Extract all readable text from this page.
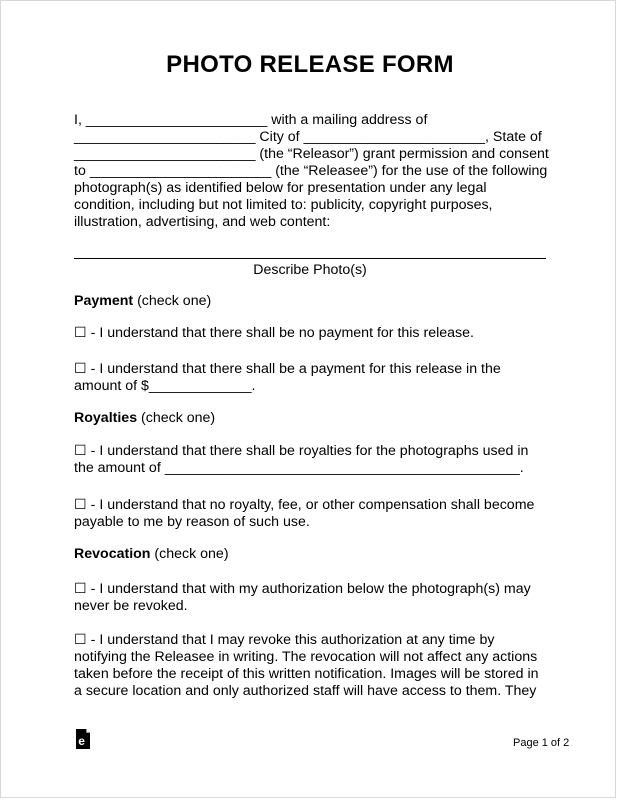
PHOTO RELEASE FORM
I, _______________________ with a mailing address of
_______________________ City of _______________________, State of
_______________________ (the “Releasor”) grant permission and consent
to _______________________ (the “Releasee”) for the use of the following
photograph(s) as identified below for presentation under any legal
condition, including but not limited to: publicity, copyright purposes,
illustration, advertising, and web content:
Describe Photo(s)
Payment (check one)
☐ - I understand that there shall be no payment for this release.
☐ - I understand that there shall be a payment for this release in the
amount of $_____________.
Royalties (check one)
☐ - I understand that there shall be royalties for the photographs used in
the amount of _____________________________________________.
☐ - I understand that no royalty, fee, or other compensation shall become
payable to me by reason of such use.
Revocation (check one)
☐ - I understand that with my authorization below the photograph(s) may
never be revoked.
☐ - I understand that I may revoke this authorization at any time by
notifying the Releasee in writing. The revocation will not affect any actions
taken before the receipt of this written notification. Images will be stored in
a secure location and only authorized staff will have access to them. They
e	Page 1 of 2
